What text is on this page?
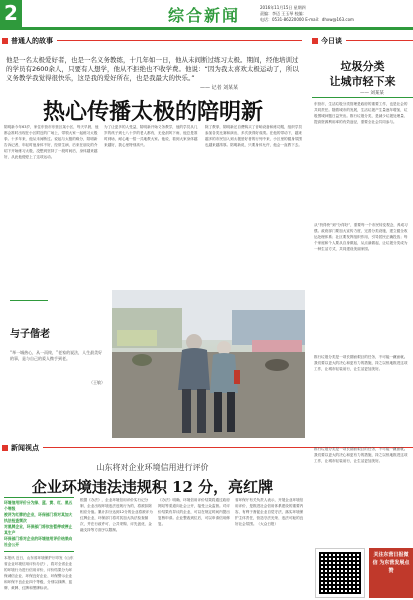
2	综合新闻	2016年11月15日 星期四
责编：李迈 王玉琴 校编：
电话：0531-86220000 E-mail：dhxw@163.com
普通人的故事
他是一名太极爱好者，也是一名义务教练，十几年如一日，他从未间断过练习太极。期间，经他培训过的学员有2600余人，只要有人想学，他从不拒绝也不收学费。他说：“因为我太喜欢太极运动了，所以义务教学我觉得很快乐，这是我的爱好所在，也是我最大的快乐。”
—— 记者 刘某某
热心传播太极的陪明新
陪明新今年63岁，家住东营市东营区某小区，每天早晨，他都会准时出现在小区附近的广场上，带领大家一起练习太极拳。十多年来，他从未间断过。说起与太极的缘分，陪明新告诉记者，年轻时他身体不好，经常生病，后来在朋友的介绍下开始练习太极，没想到坚持了一段时间后，身体越来越好，从此他便爱上了这项运动。
为了让更多的人受益，陪明新开始义务教学，他的学员从几岁的孩子到七八十岁的老人都有，无论刮风下雨，他总是准时到场，耐心地一招一式地教大家。他说，看到大家身体越来越好，我心里特别高兴。
除了教拳，陪明新还自费购买了音响设备和练功服，组织学员参加各类比赛和演出，多次获得好成绩。在他的带动下，越来越多的市民加入到太极爱好者的行列中来，小区里的健身氛围也越来越浓厚。陪明新说，只要身体允许，他会一直教下去。
与子偕老
“举一城热心，从一而终，”老家的说法，人生最美好的事，是与自己的爱人携手到老。
（王敏）
今日谈
垃圾分类
让城市轻下来
—— 刘某某
东营市，生活垃圾分类管理是政府的重要工作，也是社会的共同责任。随着城市的发展，生活垃圾产生量逐年增加，垃圾围城问题日益突出。推行垃圾分类，是减少垃圾处理量、提高资源利用率的有效途径，需要全社会共同参与。
从“扔得快”到“分得好”，需要每一个市民转变观念，养成习惯。政府部门要加大宣传力度，完善分类设施，建立健全收运处理体系；社区要发挥组织作用，引导居民正确投放；每个家庭和个人要从自身做起，从点滴做起，让垃圾分类成为一种生活方式，共同建设美丽家园。
推行垃圾分类是一项长期而艰巨的任务，不可能一蹴而就。我们要以更大的决心和更有力的措施，持之以恒地推进这项工作，让城市轻装前行，让生活更加美好。
新闻视点
山东将对企业环境信用进行评价
企业环境违法违规积 12 分，亮红牌
环境信用评价分为绿、蓝、黄、红、黑五个等级
被评为红牌的企业，环保部门将对其加大执法检查频次
对黑牌企业，环保部门将依法暂停或停止其生产
环保部门将对企业的环境信用评价结果向社会公开
本报讯 近日，山东省环境保护厅印发《山东省企业环境信用评价办法》，将对全省企业的环境行为进行信用评价，评价结果分为环保诚信企业、环保良好企业、环保警示企业和环保不良企业四个等级，分别以绿牌、蓝牌、黄牌、红牌和黑牌标识。
根据《办法》，企业环境信用评价实行记分制，企业出现环境违法违规行为的，将被扣除相应分值。累计扣分达到12分的企业将被评为红牌企业，环保部门将对其加大执法检查频次，并在行政许可、公共采购、评先创优、金融支持等方面予以限制。
《办法》明确，环境信用评价结果将通过政府网站等渠道向社会公开，接受公众监督。对评价结果有异议的企业，可以在规定时间内提出复核申请。企业整改到位后，可以申请信用修复。
省环保厅有关负责人表示，开展企业环境信用评价，是推进社会信用体系建设的重要内容，有利于督促企业自觉守法，落实环境保护主体责任，营造守法光荣、违法可耻的良好社会氛围。（大众日报）
推行垃圾分类是一项长期而艰巨的任务，不可能一蹴而就。我们要以更大的决心和更有力的措施，持之以恒地推进这项工作，让城市轻装前行，让生活更加美好。
关注东营日报微信 为东营发展点赞
